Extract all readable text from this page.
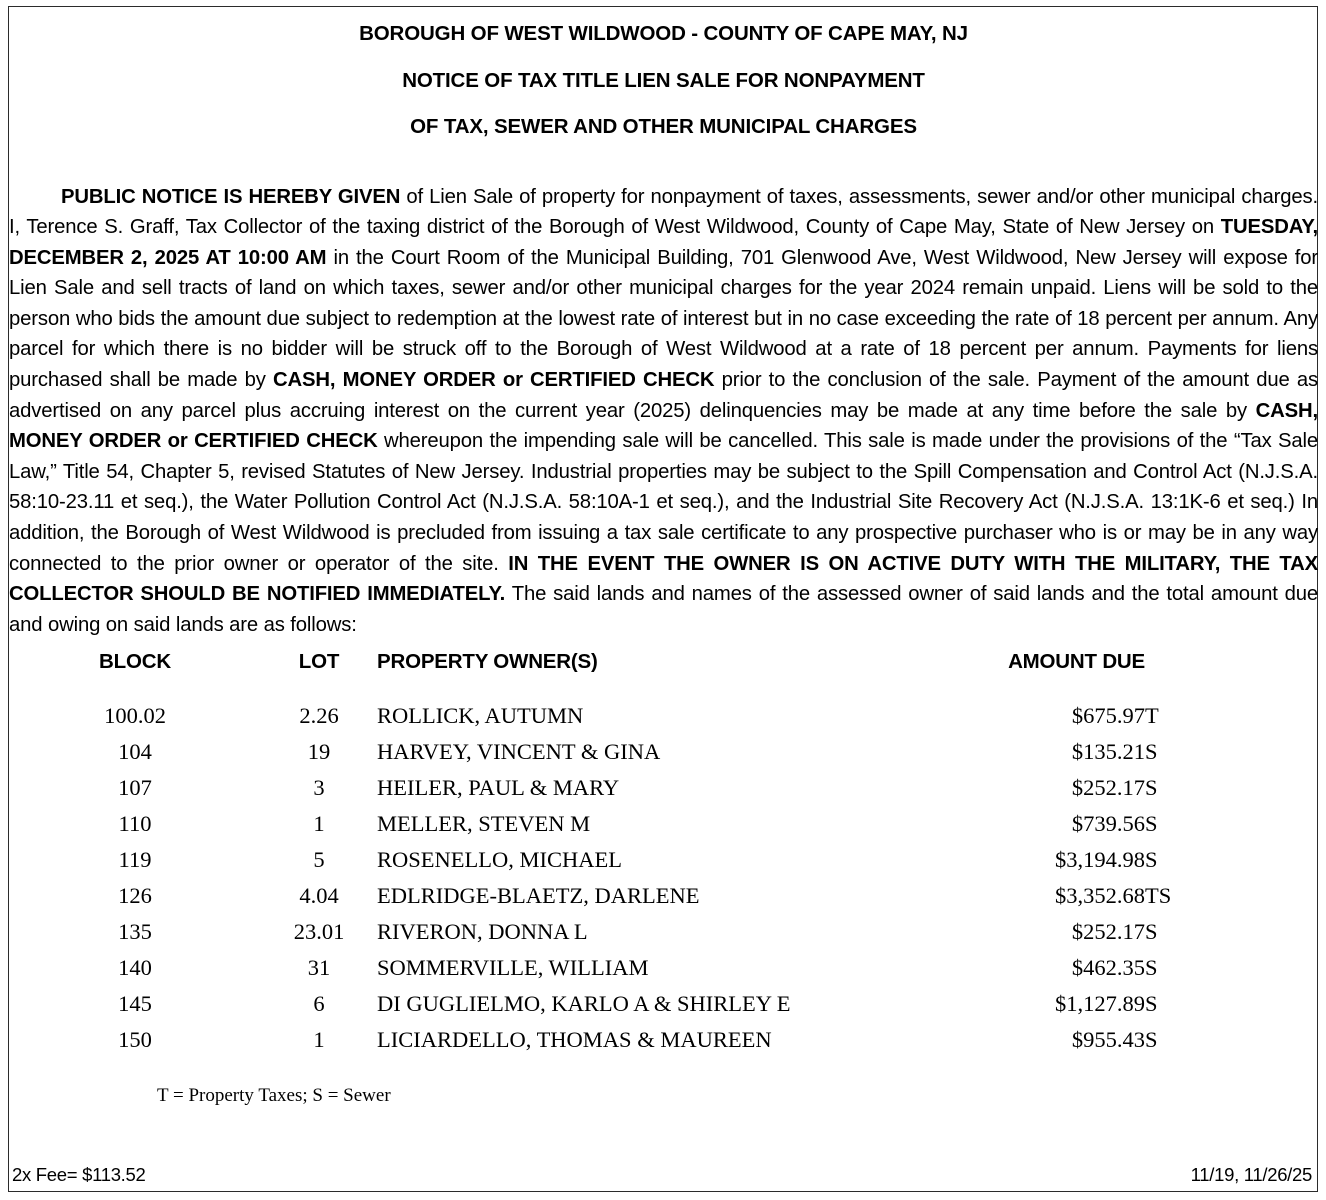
BOROUGH OF WEST WILDWOOD - COUNTY OF CAPE MAY, NJ
NOTICE OF TAX TITLE LIEN SALE FOR NONPAYMENT
OF TAX, SEWER AND OTHER MUNICIPAL CHARGES

PUBLIC NOTICE IS HEREBY GIVEN of Lien Sale of property for nonpayment of taxes, assessments, sewer and/or other municipal charges. I, Terence S. Graff, Tax Collector of the taxing district of the Borough of West Wildwood, County of Cape May, State of New Jersey on TUESDAY, DECEMBER 2, 2025 AT 10:00 AM in the Court Room of the Municipal Building, 701 Glenwood Ave, West Wildwood, New Jersey will expose for Lien Sale and sell tracts of land on which taxes, sewer and/or other municipal charges for the year 2024 remain unpaid. Liens will be sold to the person who bids the amount due subject to redemption at the lowest rate of interest but in no case exceeding the rate of 18 percent per annum. Any parcel for which there is no bidder will be struck off to the Borough of West Wildwood at a rate of 18 percent per annum. Payments for liens purchased shall be made by CASH, MONEY ORDER or CERTIFIED CHECK prior to the conclusion of the sale. Payment of the amount due as advertised on any parcel plus accruing interest on the current year (2025) delinquencies may be made at any time before the sale by CASH, MONEY ORDER or CERTIFIED CHECK whereupon the impending sale will be cancelled. This sale is made under the provisions of the “Tax Sale Law,” Title 54, Chapter 5, revised Statutes of New Jersey. Industrial properties may be subject to the Spill Compensation and Control Act (N.J.S.A. 58:10-23.11 et seq.), the Water Pollution Control Act (N.J.S.A. 58:10A-1 et seq.), and the Industrial Site Recovery Act (N.J.S.A. 13:1K-6 et seq.) In addition, the Borough of West Wildwood is precluded from issuing a tax sale certificate to any prospective purchaser who is or may be in any way connected to the prior owner or operator of the site. IN THE EVENT THE OWNER IS ON ACTIVE DUTY WITH THE MILITARY, THE TAX COLLECTOR SHOULD BE NOTIFIED IMMEDIATELY. The said lands and names of the assessed owner of said lands and the total amount due and owing on said lands are as follows:

BLOCK	LOT	PROPERTY OWNER(S)	AMOUNT DUE	
100.02	2.26	ROLLICK, AUTUMN	$675.97	T
104	19	HARVEY, VINCENT & GINA	$135.21	S
107	3	HEILER, PAUL & MARY	$252.17	S
110	1	MELLER, STEVEN M	$739.56	S
119	5	ROSENELLO, MICHAEL	$3,194.98	S
126	4.04	EDLRIDGE-BLAETZ, DARLENE	$3,352.68	TS
135	23.01	RIVERON, DONNA L	$252.17	S
140	31	SOMMERVILLE, WILLIAM	$462.35	S
145	6	DI GUGLIELMO, KARLO A & SHIRLEY E	$1,127.89	S
150	1	LICIARDELLO, THOMAS & MAUREEN	$955.43	S
T = Property Taxes; S = Sewer
2x Fee= $113.52	11/19, 11/26/25
